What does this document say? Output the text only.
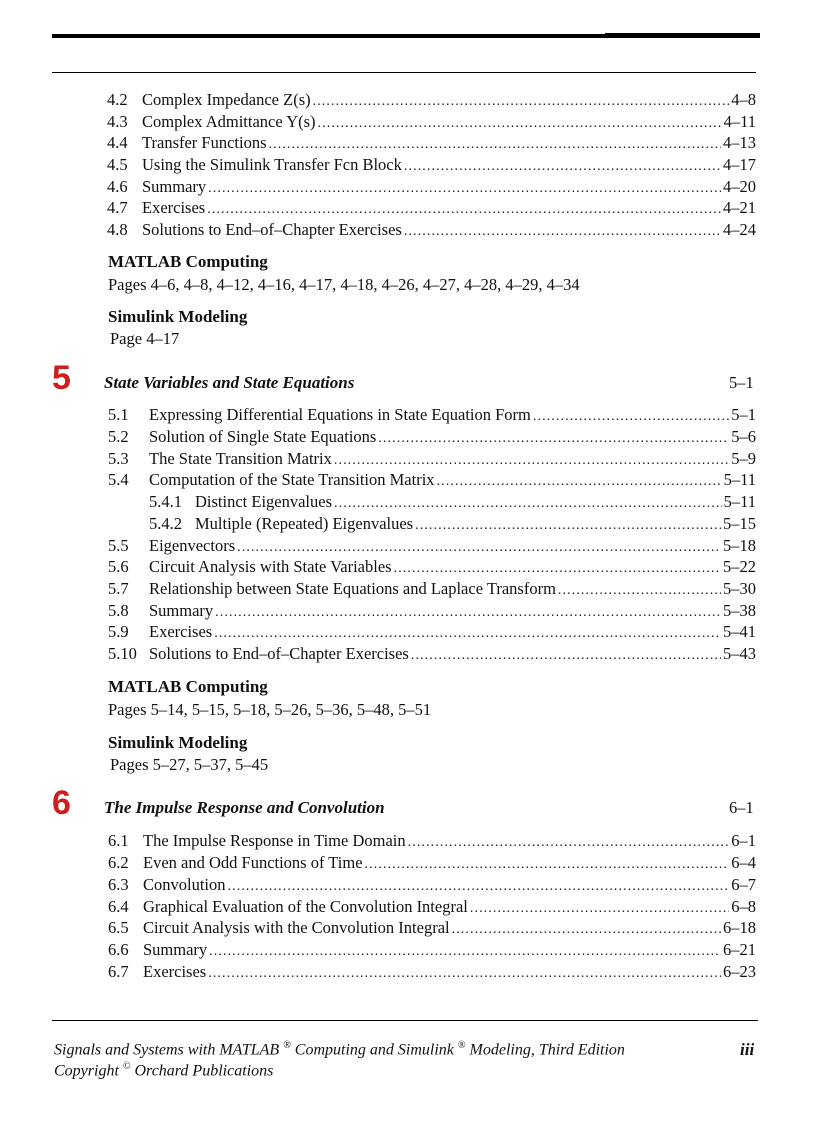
4.2 Complex Impedance Z(s) .....	4–8
4.3 Complex Admittance Y(s) .....	4–11
4.4 Transfer Functions .....	4–13
4.5 Using the Simulink Transfer Fcn Block .....	4–17
4.6 Summary .....	4–20
4.7 Exercises .....	4–21
4.8 Solutions to End–of–Chapter Exercises .....	4–24
MATLAB Computing
Pages 4–6, 4–8, 4–12, 4–16, 4–17, 4–18, 4–26, 4–27, 4–28, 4–29, 4–34
Simulink Modeling
Page 4–17
5 State Variables and State Equations	5–1
5.1	Expressing Differential Equations in State Equation Form .....	5–1
5.2	Solution of Single State Equations .....	5–6
5.3	The State Transition Matrix .....	5–9
5.4	Computation of the State Transition Matrix .....	5–11
5.4.1 Distinct Eigenvalues .....	5–11
5.4.2 Multiple (Repeated) Eigenvalues .....	5–15
5.5	Eigenvectors .....	5–18
5.6	Circuit Analysis with State Variables .....	5–22
5.7	Relationship between State Equations and Laplace Transform .....	5–30
5.8	Summary .....	5–38
5.9	Exercises .....	5–41
5.10 Solutions to End–of–Chapter Exercises .....	5–43
MATLAB Computing
Pages 5–14, 5–15, 5–18, 5–26, 5–36, 5–48, 5–51
Simulink Modeling
Pages 5–27, 5–37, 5–45
6 The Impulse Response and Convolution	6–1
6.1 The Impulse Response in Time Domain .....	6–1
6.2 Even and Odd Functions of Time .....	6–4
6.3 Convolution .....	6–7
6.4 Graphical Evaluation of the Convolution Integral .....	6–8
6.5 Circuit Analysis with the Convolution Integral .....	6–18
6.6 Summary .....	6–21
6.7 Exercises .....	6–23
Signals and Systems with MATLAB ® Computing and Simulink ® Modeling, Third Edition
Copyright © Orchard Publications
iii
